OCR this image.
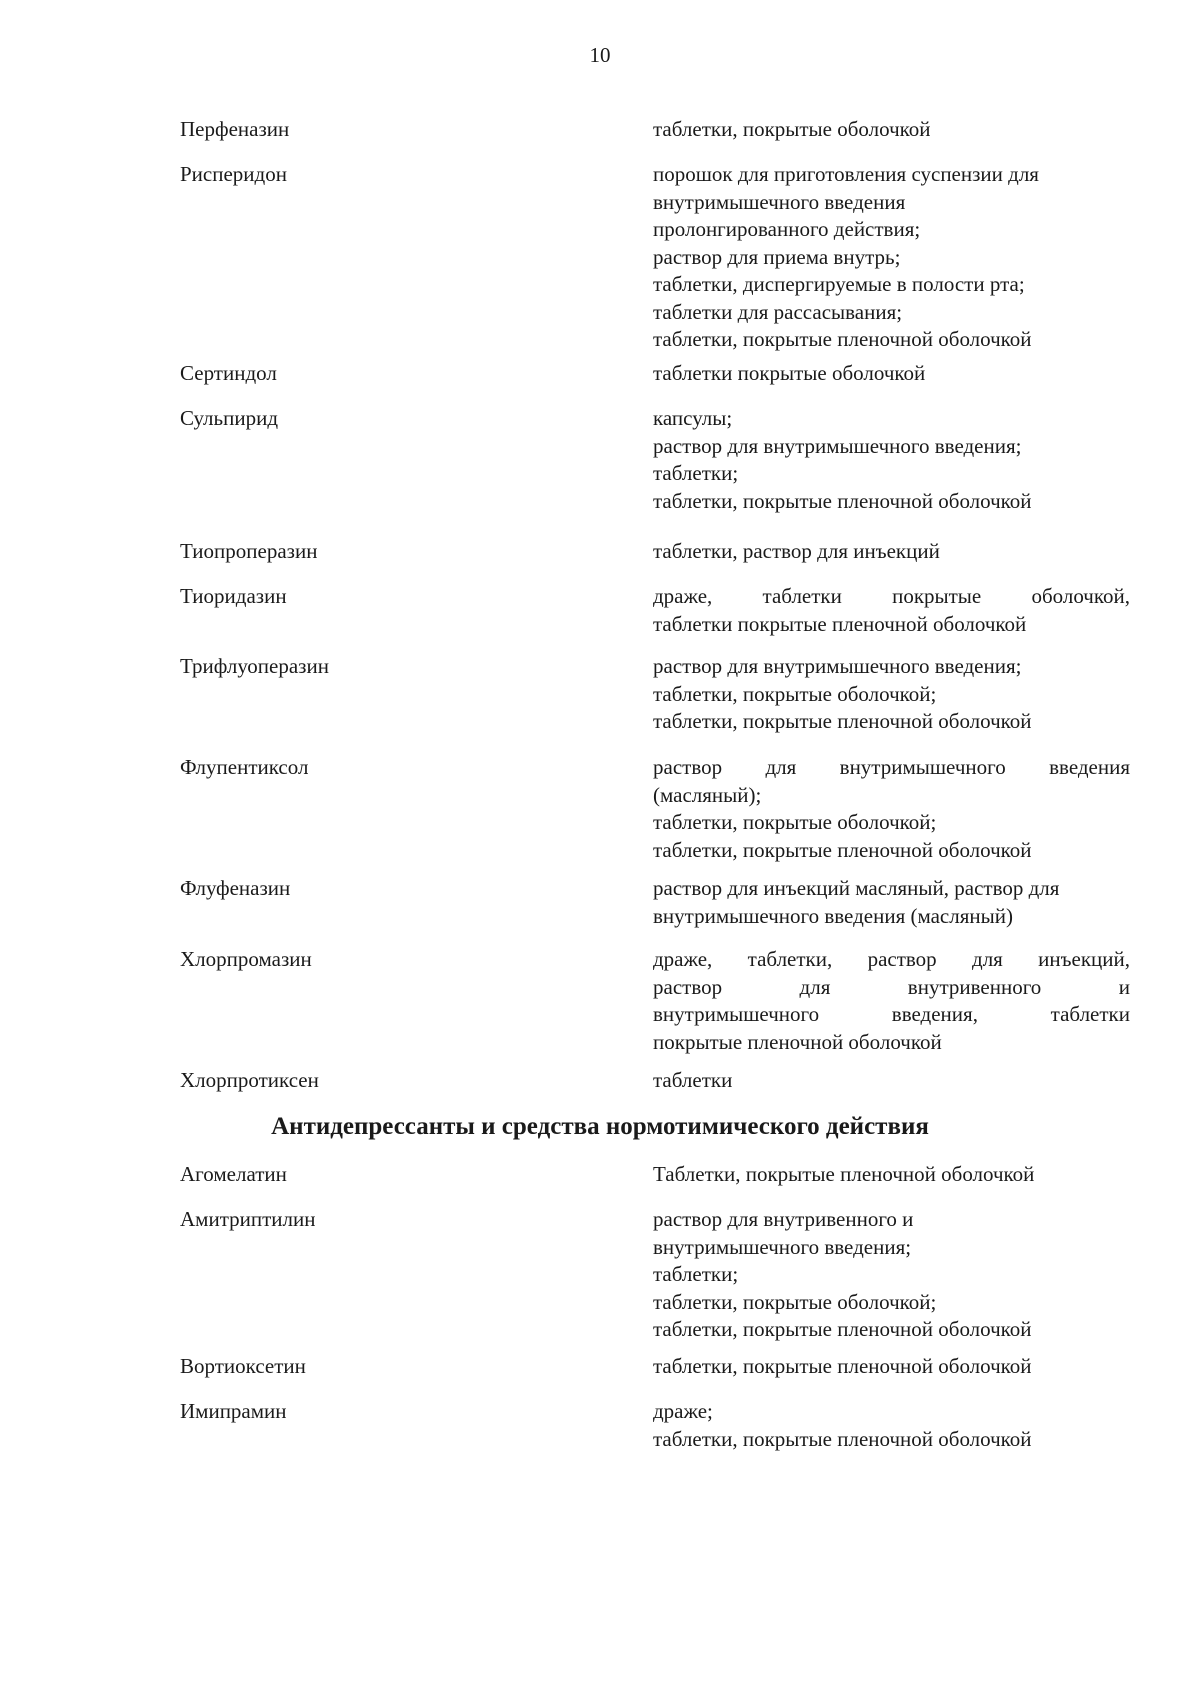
10
Перфеназин	таблетки, покрытые оболочкой
Рисперидон	порошок для приготовления суспензии для
внутримышечного введения
пролонгированного действия;
раствор для приема внутрь;
таблетки, диспергируемые в полости рта;
таблетки для рассасывания;
таблетки, покрытые пленочной оболочкой
Сертиндол	таблетки покрытые оболочкой
Сульпирид	капсулы;
раствор для внутримышечного введения;
таблетки;
таблетки, покрытые пленочной оболочкой
Тиопроперазин	таблетки, раствор для инъекций
Тиоридазин	драже, таблетки покрытые оболочкой,
таблетки покрытые пленочной оболочкой
Трифлуоперазин	раствор для внутримышечного введения;
таблетки, покрытые оболочкой;
таблетки, покрытые пленочной оболочкой
Флупентиксол	раствор для внутримышечного введения
(масляный);
таблетки, покрытые оболочкой;
таблетки, покрытые пленочной оболочкой
Флуфеназин	раствор для инъекций масляный, раствор для
внутримышечного введения (масляный)
Хлорпромазин	драже, таблетки, раствор для инъекций,
раствор для внутривенного и
внутримышечного введения, таблетки
покрытые пленочной оболочкой
Хлорпротиксен	таблетки
Агомелатин	Таблетки, покрытые пленочной оболочкой
Амитриптилин	раствор для внутривенного и
внутримышечного введения;
таблетки;
таблетки, покрытые оболочкой;
таблетки, покрытые пленочной оболочкой
Вортиоксетин	таблетки, покрытые пленочной оболочкой
Имипрамин	драже;
таблетки, покрытые пленочной оболочкой
Антидепрессанты и средства нормотимического действия
